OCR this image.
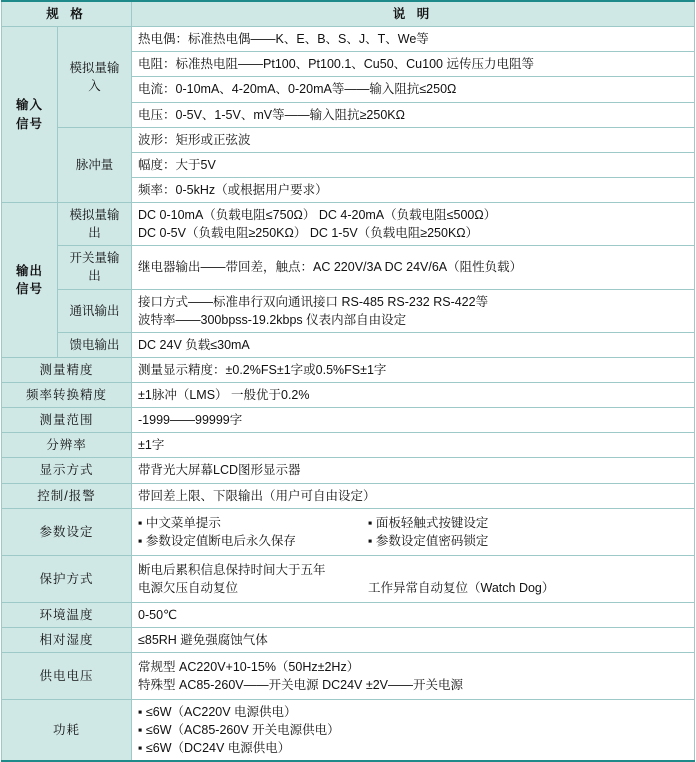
规 格		说 明

输入
信号	模拟量输入	热电偶：标准热电偶——K、E、B、S、J、T、We等
		电阻：标准热电阻——Pt100、Pt100.1、Cu50、Cu100 远传压力电阻等
		电流：0-10mA、4-20mA、0-20mA等——输入阻抗≤250Ω
		电压：0-5V、1-5V、mV等——输入阻抗≥250KΩ
	脉冲量	波形：矩形或正弦波
		幅度：大于5V
		频率：0-5kHz（或根据用户要求）

输出
信号	模拟量输出	DC 0-10mA（负载电阻≤750Ω） DC 4-20mA（负载电阻≤500Ω）
DC 0-5V（负载电阻≥250KΩ） DC 1-5V（负载电阻≥250KΩ）

	开关量输出	继电器输出——带回差，触点：AC 220V/3A DC 24V/6A（阻性负载）
	通讯输出	接口方式——标准串行双向通讯接口 RS-485 RS-232 RS-422等
波特率——300bpss-19.2kbps 仪表内部自由设定

	馈电输出	DC 24V 负载≤30mA
测量精度		测量显示精度：±0.2%FS±1字或0.5%FS±1字
频率转换精度		±1脉冲（LMS） 一般优于0.2%
测量范围		-1999——99999字
分辨率		±1字
显示方式		带背光大屏幕LCD图形显示器
控制/报警		带回差上限、下限输出（用户可自由设定）
参数设定		▪ 中文菜单提示 ▪ 面板轻触式按键设定
▪ 参数设定值断电后永久保存 ▪ 参数设定值密码锁定

保护方式		断电后累积信息保持时间大于五年
电源欠压自动复位 工作异常自动复位（Watch Dog）

环境温度		0-50℃
相对湿度		≤85RH 避免强腐蚀气体
供电电压		常规型 AC220V+10-15%（50Hz±2Hz）
特殊型 AC85-260V——开关电源 DC24V ±2V——开关电源

功耗		▪ ≤6W（AC220V 电源供电）
▪ ≤6W（AC85-260V 开关电源供电）
▪ ≤6W（DC24V 电源供电）
